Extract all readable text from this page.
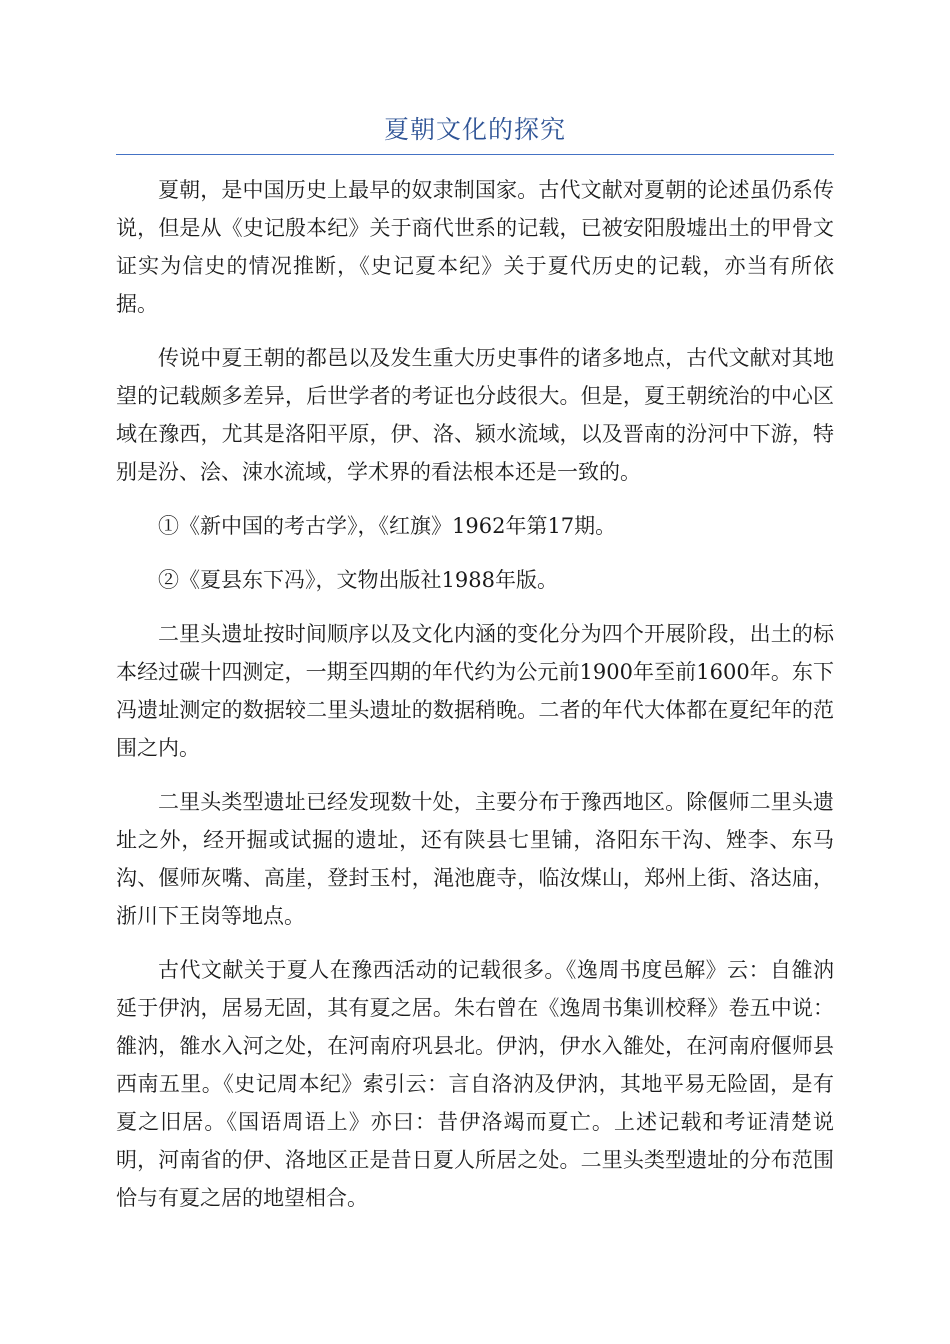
夏朝文化的探究

夏朝，是中国历史上最早的奴隶制国家。古代文献对夏朝的论述虽仍系传说，但是从《史记殷本纪》关于商代世系的记载，已被安阳殷墟出土的甲骨文证实为信史的情况推断，《史记夏本纪》关于夏代历史的记载，亦当有所依据。

传说中夏王朝的都邑以及发生重大历史事件的诸多地点，古代文献对其地望的记载颇多差异，后世学者的考证也分歧很大。但是，夏王朝统治的中心区域在豫西，尤其是洛阳平原，伊、洛、颍水流域，以及晋南的汾河中下游，特别是汾、浍、涑水流域，学术界的看法根本还是一致的。

①《新中国的考古学》，《红旗》1962年第17期。

②《夏县东下冯》，文物出版社1988年版。

二里头遗址按时间顺序以及文化内涵的变化分为四个开展阶段，出土的标本经过碳十四测定，一期至四期的年代约为公元前1900年至前1600年。东下冯遗址测定的数据较二里头遗址的数据稍晚。二者的年代大体都在夏纪年的范围之内。

二里头类型遗址已经发现数十处，主要分布于豫西地区。除偃师二里头遗址之外，经开掘或试掘的遗址，还有陕县七里铺，洛阳东干沟、矬李、东马沟、偃师灰嘴、高崖，登封玉村，渑池鹿寺，临汝煤山，郑州上街、洛达庙，浙川下王岗等地点。

古代文献关于夏人在豫西活动的记载很多。《逸周书度邑解》云：自雒汭延于伊汭，居易无固，其有夏之居。朱右曾在《逸周书集训校释》卷五中说：雒汭，雒水入河之处，在河南府巩县北。伊汭，伊水入雒处，在河南府偃师县西南五里。《史记周本纪》索引云：言自洛汭及伊汭，其地平易无险固，是有夏之旧居。《国语周语上》亦曰：昔伊洛竭而夏亡。上述记载和考证清楚说明，河南省的伊、洛地区正是昔日夏人所居之处。二里头类型遗址的分布范围恰与有夏之居的地望相合。
